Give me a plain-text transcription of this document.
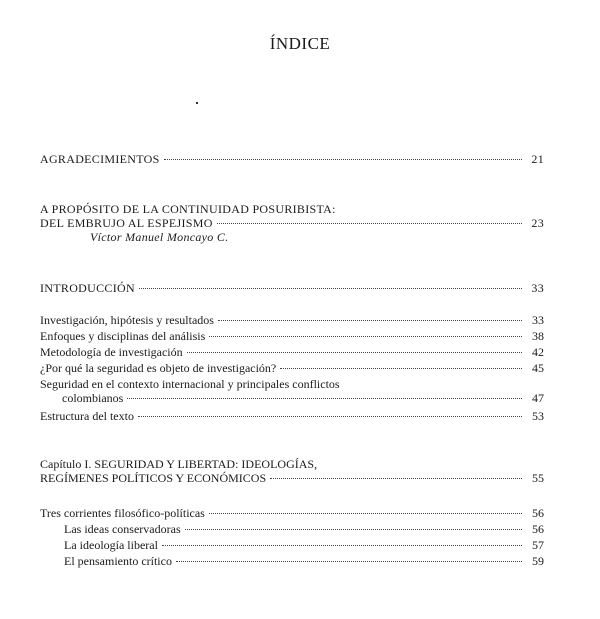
ÍNDICE
AGRADECIMIENTOS	21
A PROPÓSITO DE LA CONTINUIDAD POSURIBISTA:
DEL EMBRUJO AL ESPEJISMO	23
Víctor Manuel Moncayo C.
INTRODUCCIÓN	33
Investigación, hipótesis y resultados	33
Enfoques y disciplinas del análisis	38
Metodología de investigación	42
¿Por qué la seguridad es objeto de investigación?	45
Seguridad en el contexto internacional y principales conflictos
colombianos	47
Estructura del texto	53
Capítulo I. SEGURIDAD Y LIBERTAD: IDEOLOGÍAS,
REGÍMENES POLÍTICOS Y ECONÓMICOS	55
Tres corrientes filosófico-políticas	56
Las ideas conservadoras	56
La ideología liberal	57
El pensamiento crítico	59
